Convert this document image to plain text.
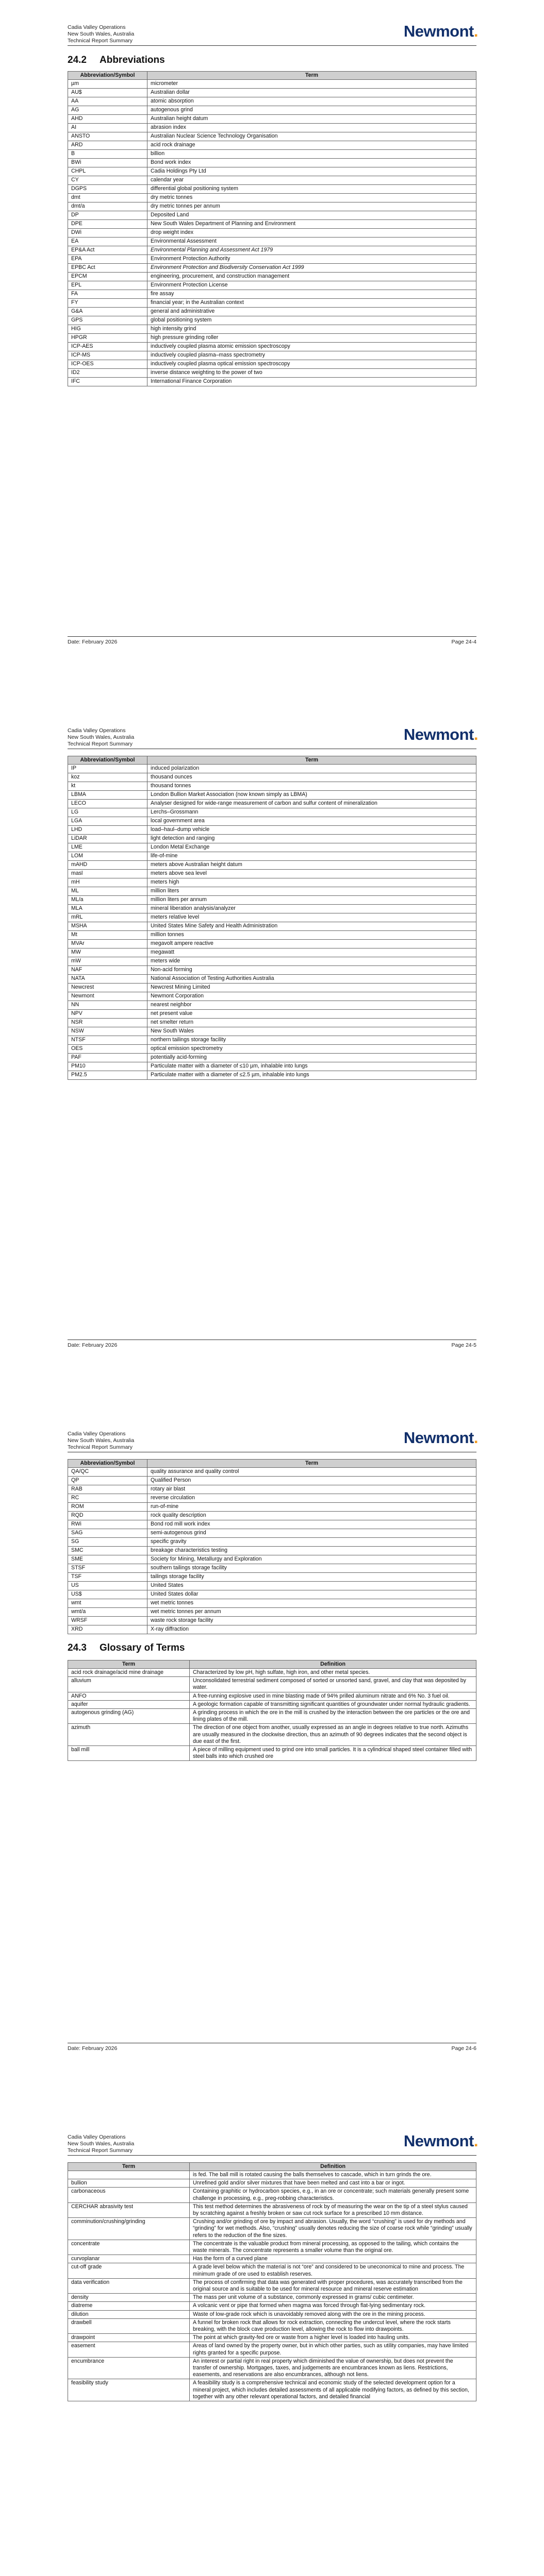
Cadia Valley Operations
New South Wales, Australia
Technical Report Summary
Newmont.
24.2 Abbreviations
Abbreviation/Symbol	Term
µm	micrometer
AU$	Australian dollar
AA	atomic absorption
AG	autogenous grind
AHD	Australian height datum
AI	abrasion index
ANSTO	Australian Nuclear Science Technology Organisation
ARD	acid rock drainage
B	billion
BWi	Bond work index
CHPL	Cadia Holdings Pty Ltd
CY	calendar year
DGPS	differential global positioning system
dmt	dry metric tonnes
dmt/a	dry metric tonnes per annum
DP	Deposited Land
DPE	New South Wales Department of Planning and Environment
DWi	drop weight index
EA	Environmental Assessment
EP&A Act	Environmental Planning and Assessment Act 1979
EPA	Environment Protection Authority
EPBC Act	Environment Protection and Biodiversity Conservation Act 1999
EPCM	engineering, procurement, and construction management
EPL	Environment Protection License
FA	fire assay
FY	financial year; in the Australian context
G&A	general and administrative
GPS	global positioning system
HIG	high intensity grind
HPGR	high pressure grinding roller
ICP-AES	inductively coupled plasma atomic emission spectroscopy
ICP-MS	inductively coupled plasma–mass spectrometry
ICP-OES	inductively coupled plasma optical emission spectroscopy
ID2	inverse distance weighting to the power of two
IFC	International Finance Corporation
Date: February 2026	Page 24-4
Cadia Valley Operations
New South Wales, Australia
Technical Report Summary
Newmont.
Abbreviation/Symbol	Term
IP	induced polarization
koz	thousand ounces
kt	thousand tonnes
LBMA	London Bullion Market Association (now known simply as LBMA)
LECO	Analyser designed for wide-range measurement of carbon and sulfur content of mineralization
LG	Lerchs–Grossmann
LGA	local government area
LHD	load–haul–dump vehicle
LiDAR	light detection and ranging
LME	London Metal Exchange
LOM	life-of-mine
mAHD	meters above Australian height datum
masl	meters above sea level
mH	meters high
ML	million liters
ML/a	million liters per annum
MLA	mineral liberation analysis/analyzer
mRL	meters relative level
MSHA	United States Mine Safety and Health Administration
Mt	million tonnes
MVAr	megavolt ampere reactive
MW	megawatt
mW	meters wide
NAF	Non-acid forming
NATA	National Association of Testing Authorities Australia
Newcrest	Newcrest Mining Limited
Newmont	Newmont Corporation
NN	nearest neighbor
NPV	net present value
NSR	net smelter return
NSW	New South Wales
NTSF	northern tailings storage facility
OES	optical emission spectrometry
PAF	potentially acid-forming
PM10	Particulate matter with a diameter of ≤10 µm, inhalable into lungs
PM2.5	Particulate matter with a diameter of ≤2.5 µm, inhalable into lungs
Date: February 2026	Page 24-5
Cadia Valley Operations
New South Wales, Australia
Technical Report Summary
Newmont.
Abbreviation/Symbol	Term
QA/QC	quality assurance and quality control
QP	Qualified Person
RAB	rotary air blast
RC	reverse circulation
ROM	run-of-mine
RQD	rock quality description
RWi	Bond rod mill work index
SAG	semi-autogenous grind
SG	specific gravity
SMC	breakage characteristics testing
SME	Society for Mining, Metallurgy and Exploration
STSF	southern tailings storage facility
TSF	tailings storage facility
US	United States
US$	United States dollar
wmt	wet metric tonnes
wmt/a	wet metric tonnes per annum
WRSF	waste rock storage facility
XRD	X-ray diffraction
24.3 Glossary of Terms
Term	Definition
acid rock drainage/acid mine drainage	Characterized by low pH, high sulfate, high iron, and other metal species.
alluvium	Unconsolidated terrestrial sediment composed of sorted or unsorted sand, gravel, and clay that was deposited by water.
ANFO	A free-running explosive used in mine blasting made of 94% prilled aluminum nitrate and 6% No. 3 fuel oil.
aquifer	A geologic formation capable of transmitting significant quantities of groundwater under normal hydraulic gradients.
autogenous grinding (AG)	A grinding process in which the ore in the mill is crushed by the interaction between the ore particles or the ore and lining plates of the mill.
azimuth	The direction of one object from another, usually expressed as an angle in degrees relative to true north. Azimuths are usually measured in the clockwise direction, thus an azimuth of 90 degrees indicates that the second object is due east of the first.
ball mill	A piece of milling equipment used to grind ore into small particles. It is a cylindrical shaped steel container filled with steel balls into which crushed ore
Date: February 2026	Page 24-6
Cadia Valley Operations
New South Wales, Australia
Technical Report Summary
Newmont.
Term	Definition
	is fed. The ball mill is rotated causing the balls themselves to cascade, which in turn grinds the ore.
bullion	Unrefined gold and/or silver mixtures that have been melted and cast into a bar or ingot.
carbonaceous	Containing graphitic or hydrocarbon species, e.g., in an ore or concentrate; such materials generally present some challenge in processing, e.g., preg-robbing characteristics.
CERCHAR abrasivity test	This test method determines the abrasiveness of rock by of measuring the wear on the tip of a steel stylus caused by scratching against a freshly broken or saw cut rock surface for a prescribed 10 mm distance.
comminution/crushing/grinding	Crushing and/or grinding of ore by impact and abrasion. Usually, the word “crushing” is used for dry methods and “grinding” for wet methods. Also, “crushing” usually denotes reducing the size of coarse rock while “grinding” usually refers to the reduction of the fine sizes.
concentrate	The concentrate is the valuable product from mineral processing, as opposed to the tailing, which contains the waste minerals. The concentrate represents a smaller volume than the original ore.
curvoplanar	Has the form of a curved plane
cut-off grade	A grade level below which the material is not “ore” and considered to be uneconomical to mine and process. The minimum grade of ore used to establish reserves.
data verification	The process of confirming that data was generated with proper procedures, was accurately transcribed from the original source and is suitable to be used for mineral resource and mineral reserve estimation
density	The mass per unit volume of a substance, commonly expressed in grams/ cubic centimeter.
diatreme	A volcanic vent or pipe that formed when magma was forced through flat-lying sedimentary rock.
dilution	Waste of low-grade rock which is unavoidably removed along with the ore in the mining process.
drawbell	A funnel for broken rock that allows for rock extraction, connecting the undercut level, where the rock starts breaking, with the block cave production level, allowing the rock to flow into drawpoints.
drawpoint	The point at which gravity-fed ore or waste from a higher level is loaded into hauling units.
easement	Areas of land owned by the property owner, but in which other parties, such as utility companies, may have limited rights granted for a specific purpose.
encumbrance	An interest or partial right in real property which diminished the value of ownership, but does not prevent the transfer of ownership. Mortgages, taxes, and judgements are encumbrances known as liens. Restrictions, easements, and reservations are also encumbrances, although not liens.
feasibility study	A feasibility study is a comprehensive technical and economic study of the selected development option for a mineral project, which includes detailed assessments of all applicable modifying factors, as defined by this section, together with any other relevant operational factors, and detailed financial
